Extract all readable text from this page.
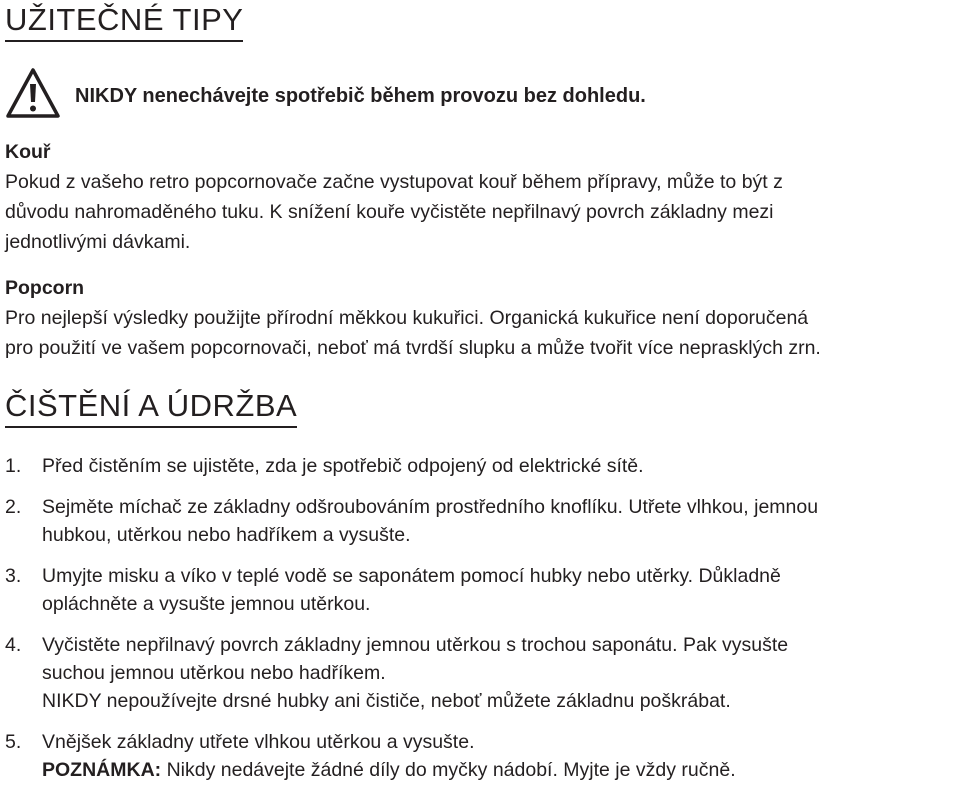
UŽITEČNÉ TIPY
NIKDY nenechávejte spotřebič během provozu bez dohledu.
Kouř

Pokud z vašeho retro popcornovače začne vystupovat kouř během přípravy, může to být z

důvodu nahromaděného tuku. K snížení kouře vyčistěte nepřilnavý povrch základny mezi

jednotlivými dávkami.

Popcorn

Pro nejlepší výsledky použijte přírodní měkkou kukuřici. Organická kukuřice není doporučená

pro použití ve vašem popcornovači, neboť má tvrdší slupku a může tvořit více neprasklých zrn.

ČIŠTĚNÍ A ÚDRŽBA
1. Před čistěním se ujistěte, zda je spotřebič odpojený od elektrické sítě.
2. Sejměte míchač ze základny odšroubováním prostředního knoflíku. Utřete vlhkou, jemnou
hubkou, utěrkou nebo hadříkem a vysušte.
3. Umyjte misku a víko v teplé vodě se saponátem pomocí hubky nebo utěrky. Důkladně
opláchněte a vysušte jemnou utěrkou.
4. Vyčistěte nepřilnavý povrch základny jemnou utěrkou s trochou saponátu. Pak vysušte
suchou jemnou utěrkou nebo hadříkem.
NIKDY nepoužívejte drsné hubky ani čističe, neboť můžete základnu poškrábat.
5. Vnějšek základny utřete vlhkou utěrkou a vysušte.
POZNÁMKA: Nikdy nedávejte žádné díly do myčky nádobí. Myjte je vždy ručně.
